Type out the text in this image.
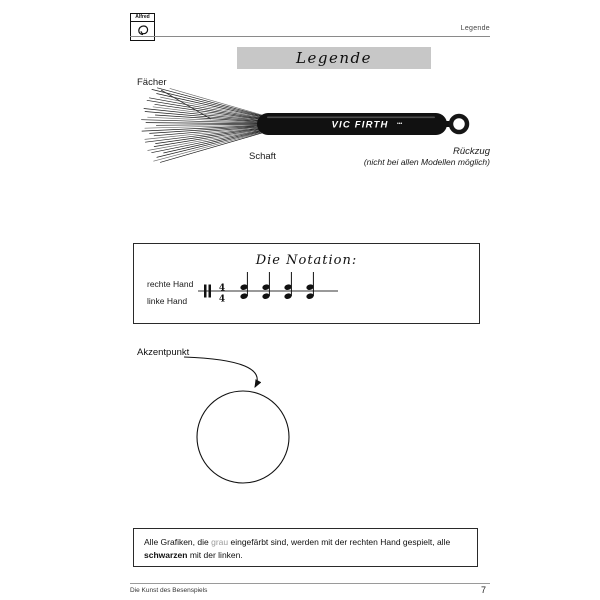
Alfred
Legende
Legende
VIC FIRTH •••
Fächer
Schaft	Rückzug
(nicht bei allen Modellen möglich)
Die Notation:
rechte Hand
linke Hand
4
4
Akzentpunkt
Alle Grafiken, die grau eingefärbt sind, werden mit der rechten Hand gespielt, alle
schwarzen mit der linken.
Die Kunst des Besenspiels	7
